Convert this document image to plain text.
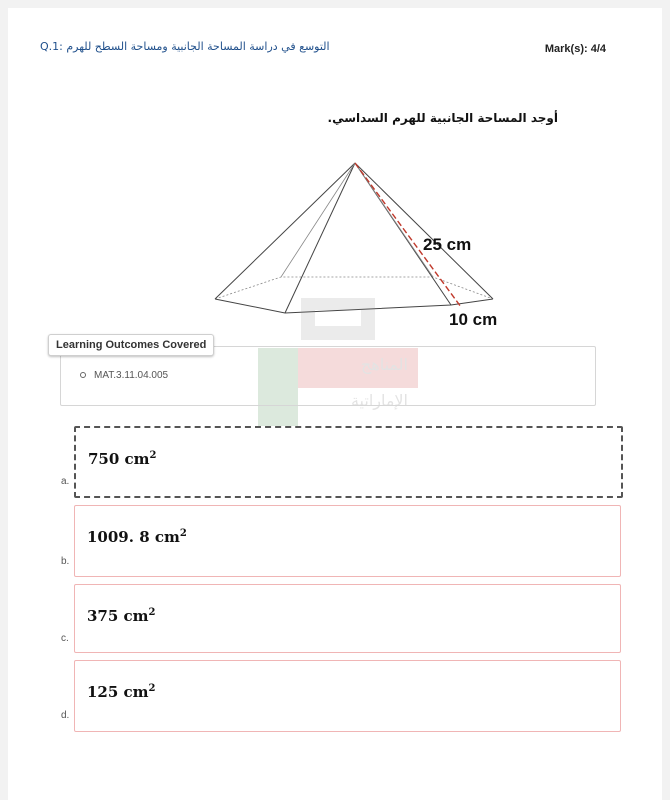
التوسع في دراسة المساحة الجانبية ومساحة السطح للهرم :Q.1	Mark(s): 4/4
أوجد المساحة الجانبية للهرم السداسي.
25 cm
10 cm
المناهج
الإماراتية
Learning Outcomes Covered
MAT.3.11.04.005
750 $cm^2$
a.
1009. 8 $cm^2$
b.
375 $cm^2$
c.
125 $cm^2$
d.
